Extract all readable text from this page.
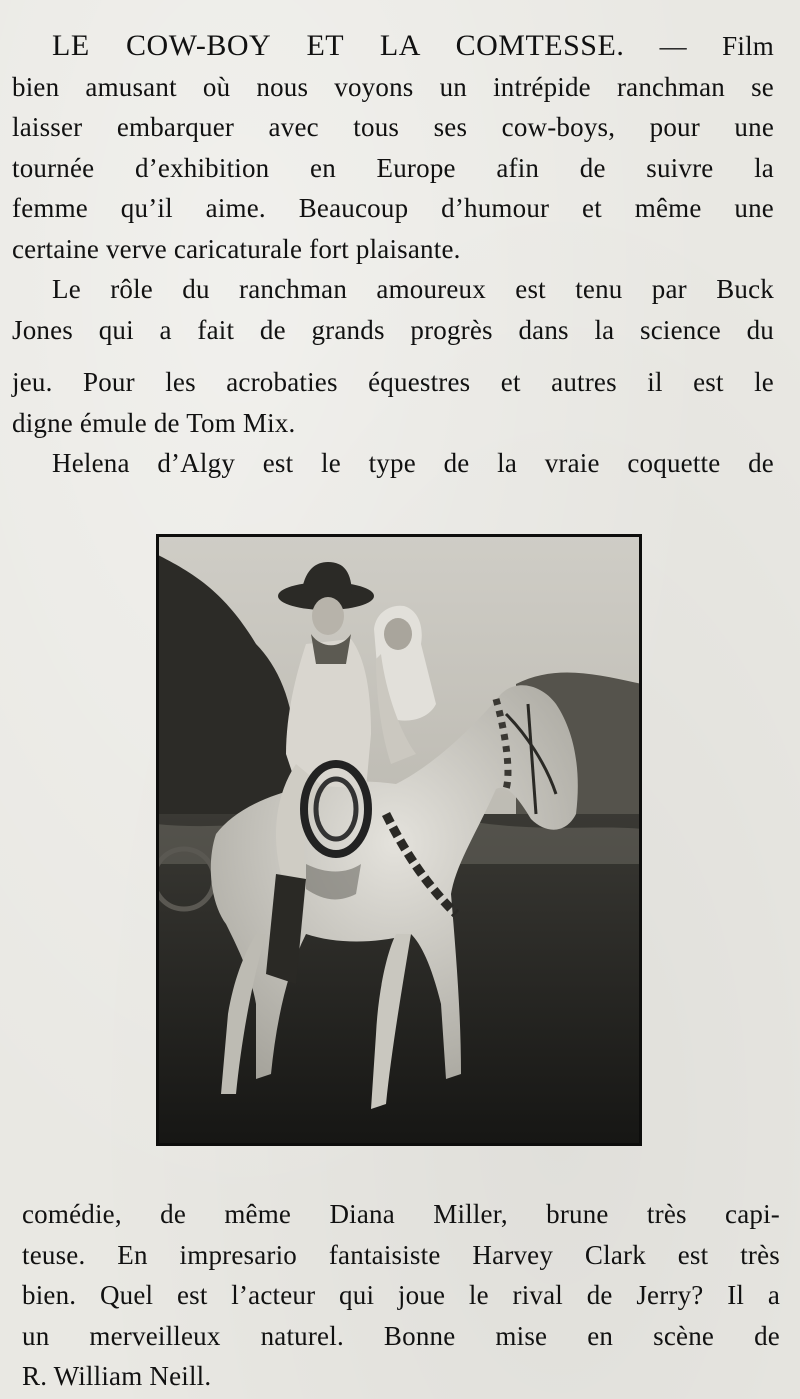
LE COW-BOY ET LA COMTESSE. — Film

bien amusant où nous voyons un intrépide ranchman se

laisser embarquer avec tous ses cow-boys, pour une

tournée d’exhibition en Europe afin de suivre la

femme qu’il aime. Beaucoup d’humour et même une

certaine verve caricaturale fort plaisante.

Le rôle du ranchman amoureux est tenu par Buck

Jones qui a fait de grands progrès dans la science du

jeu. Pour les acrobaties équestres et autres il est le

digne émule de Tom Mix.

Helena d’Algy est le type de la vraie coquette de

comédie, de même Diana Miller, brune très capi-

teuse. En impresario fantaisiste Harvey Clark est très

bien. Quel est l’acteur qui joue le rival de Jerry? Il a

un merveilleux naturel. Bonne mise en scène de

R. William Neill.
